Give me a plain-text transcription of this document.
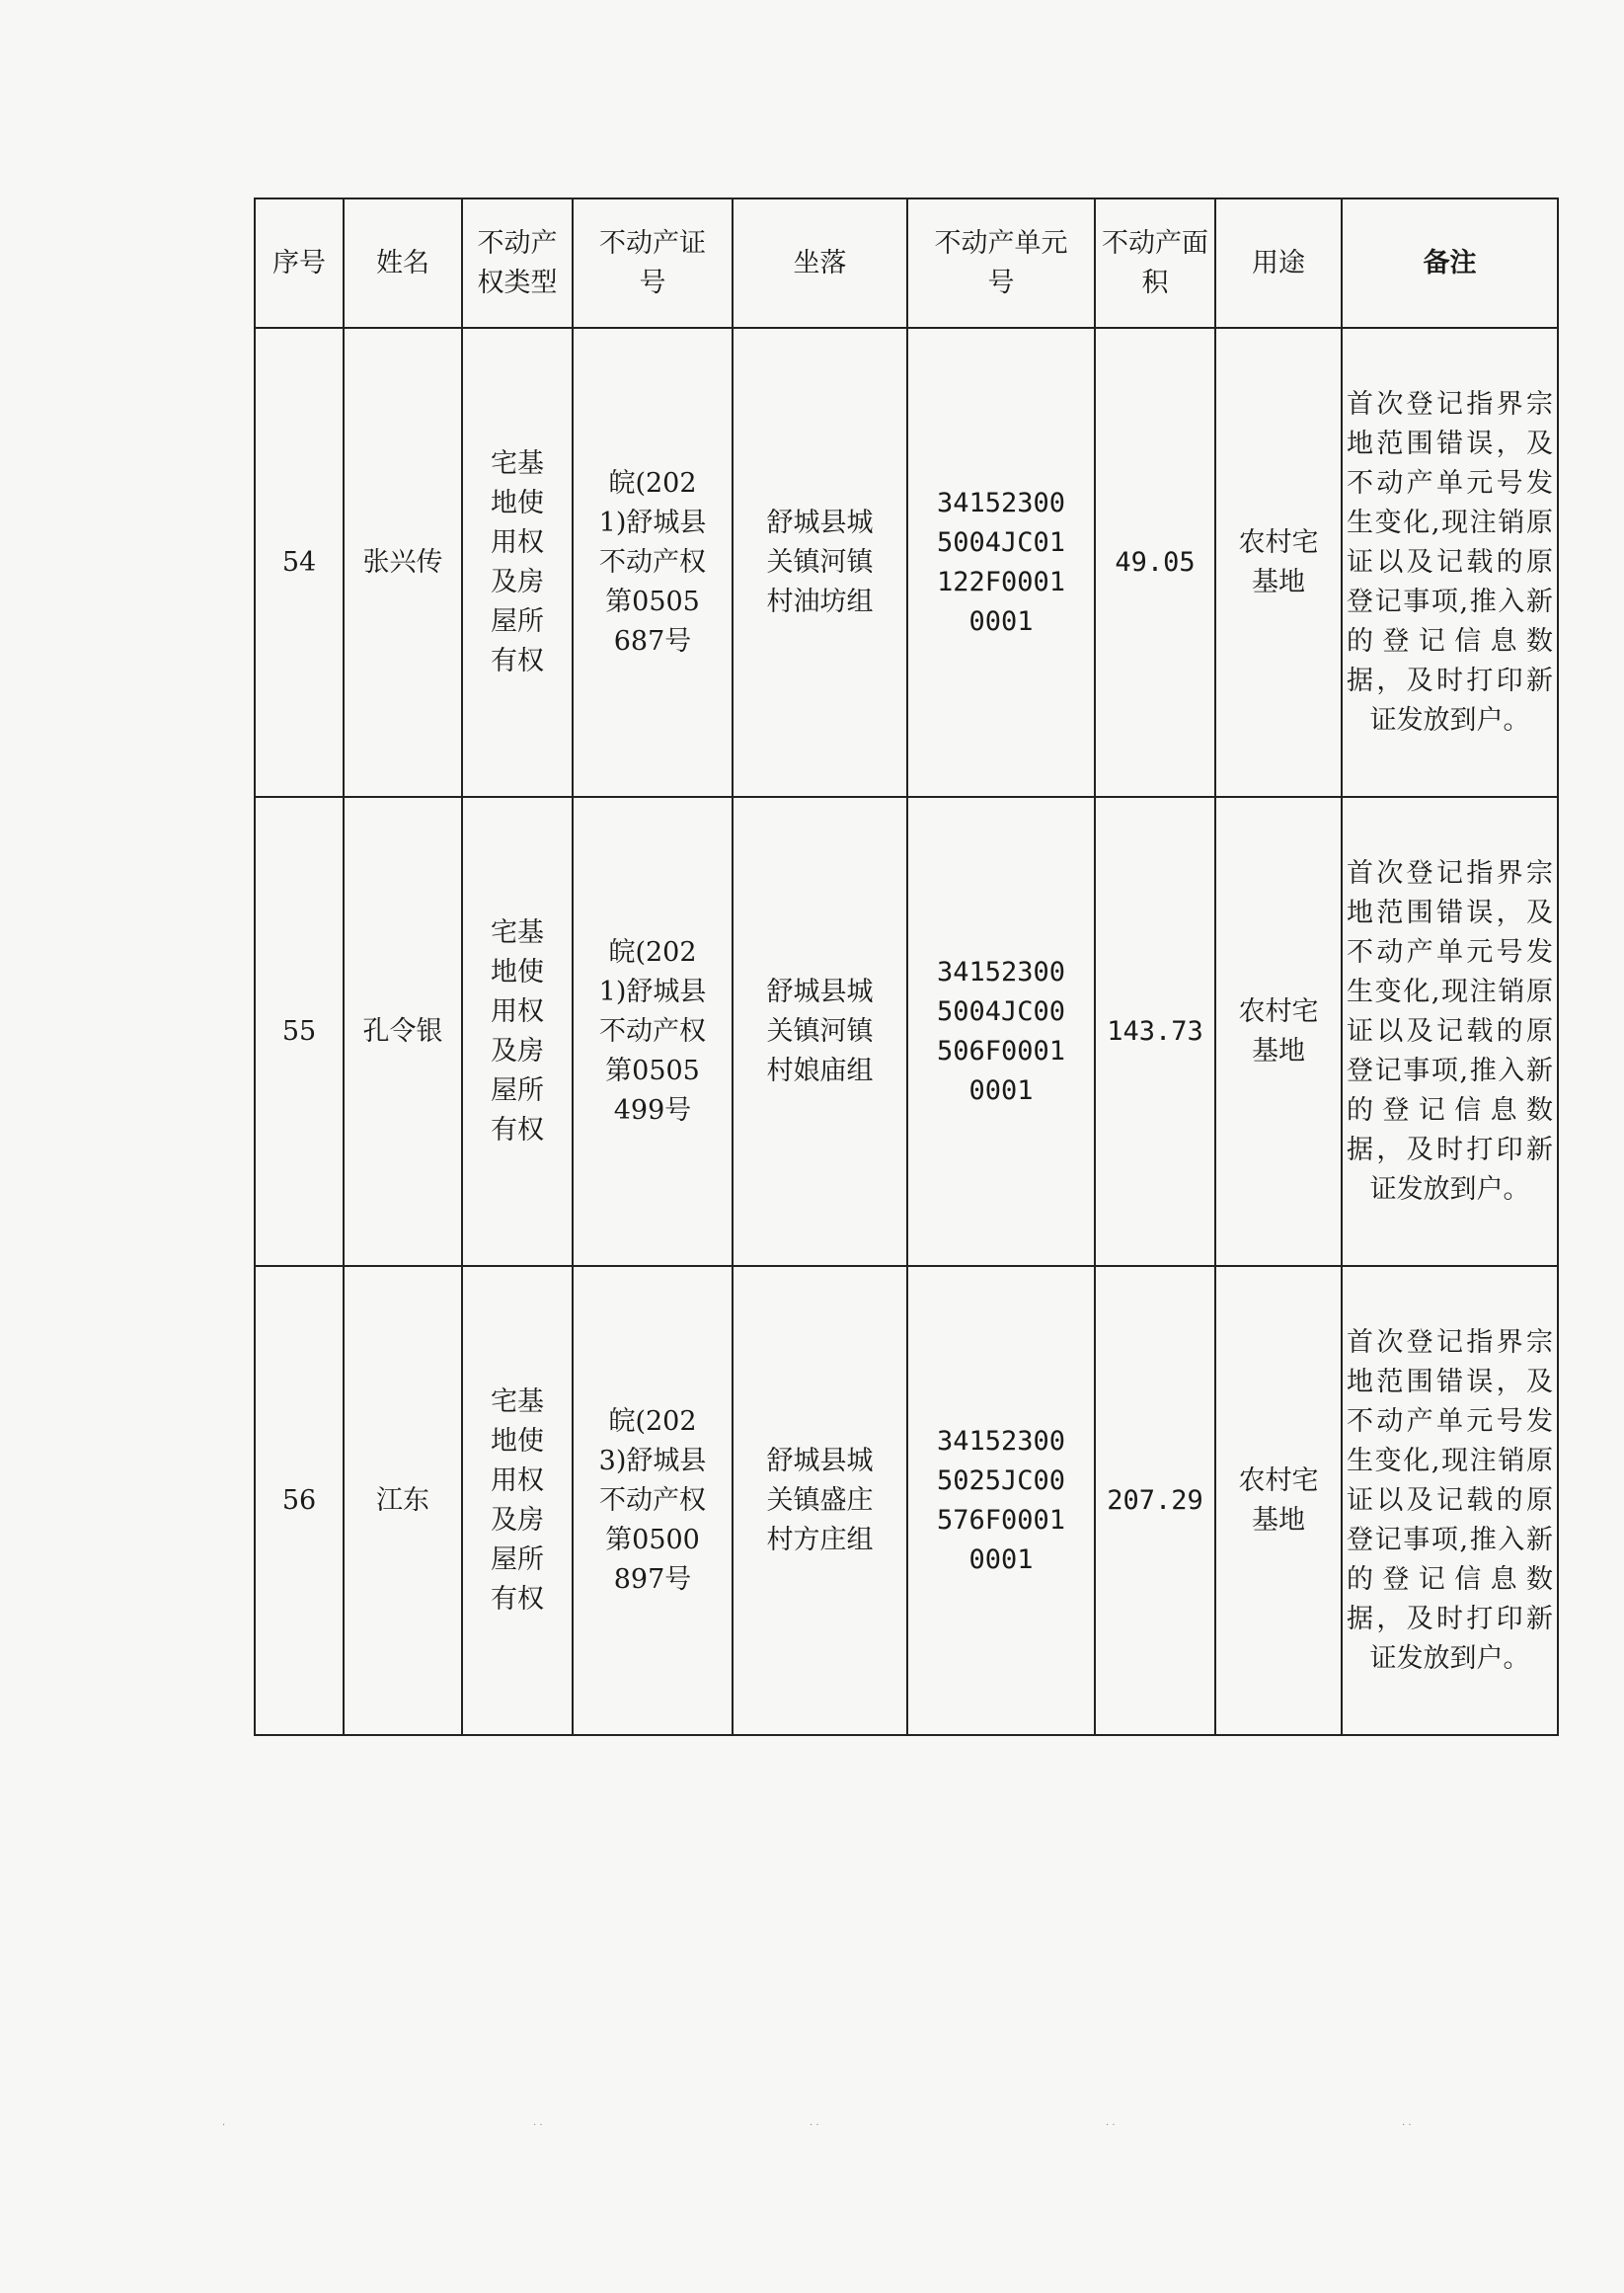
序号	姓名	不动产权类型	不动产证号	坐落	不动产单元号	不动产面积	用途	备注
54	张兴传	宅基地使用权及房屋所有权	皖(2021)舒城县不动产权第0505687号	舒城县城关镇河镇村油坊组	341523005004JC01122F00010001	49.05	农村宅基地	首次登记指界宗地范围错误，及不动产单元号发生变化,现注销原证以及记载的原登记事项,推入新的登记信息数据，及时打印新证发放到户。

55	孔令银	宅基地使用权及房屋所有权	皖(2021)舒城县不动产权第0505499号	舒城县城关镇河镇村娘庙组	341523005004JC00506F00010001	143.73	农村宅基地	首次登记指界宗地范围错误，及不动产单元号发生变化,现注销原证以及记载的原登记事项,推入新的登记信息数据，及时打印新证发放到户。

56	江东	宅基地使用权及房屋所有权	皖(2023)舒城县不动产权第0500897号	舒城县城关镇盛庄村方庄组	341523005025JC00576F00010001	207.29	农村宅基地	首次登记指界宗地范围错误，及不动产单元号发生变化,现注销原证以及记载的原登记事项,推入新的登记信息数据，及时打印新证发放到户。
·	· ·	· ·	· ·	· ·
